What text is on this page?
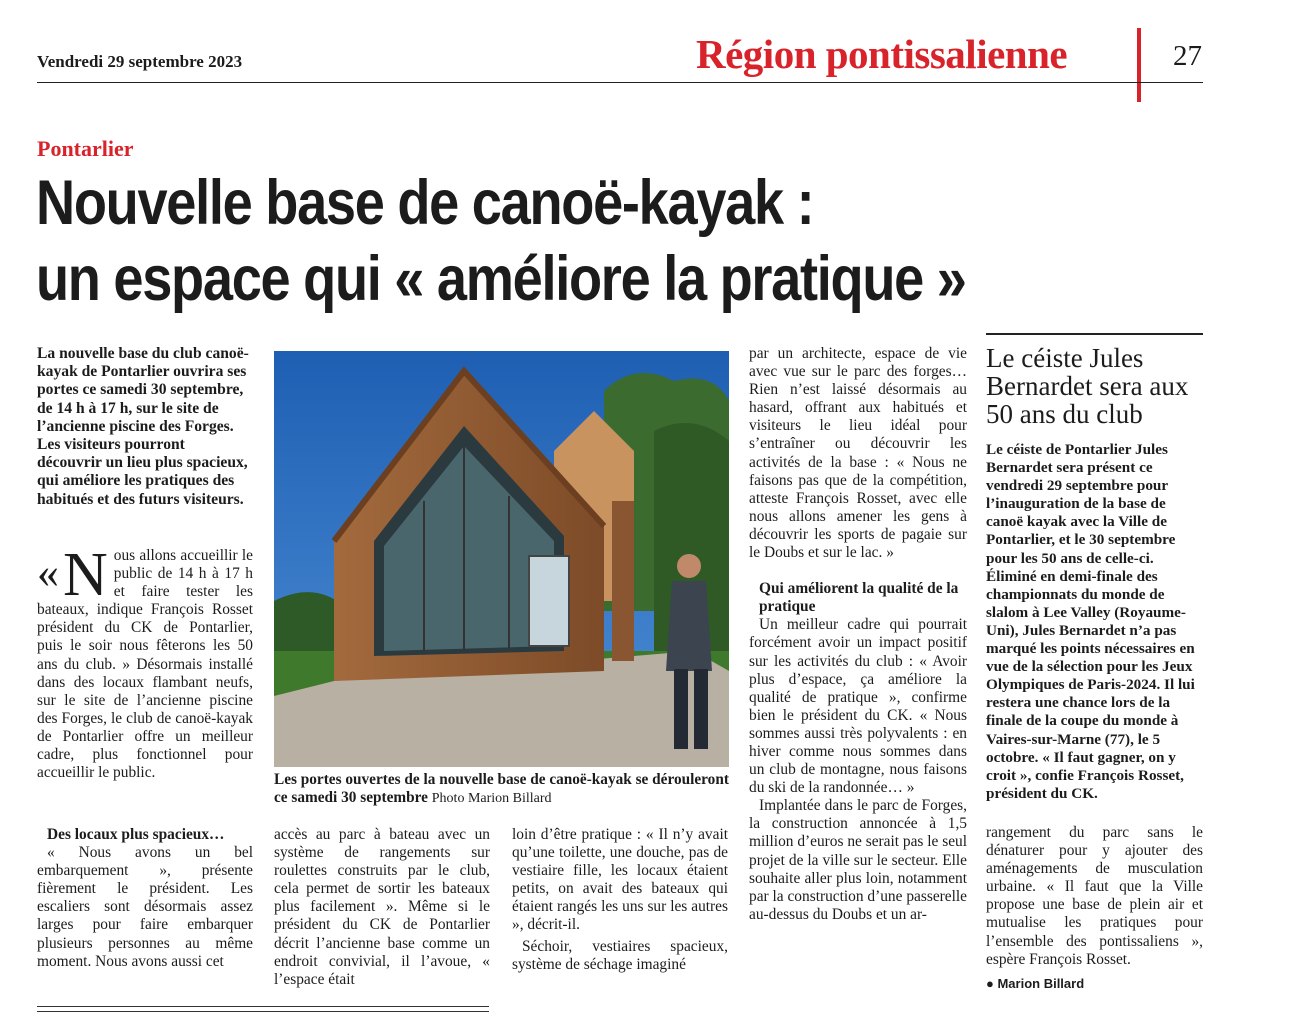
Vendredi 29 septembre 2023	Région pontissalienne	27
Pontarlier
Nouvelle base de canoë-kayak :
un espace qui « améliore la pratique »
La nouvelle base du club canoë-kayak de Pontarlier ouvrira ses portes ce samedi 30 septembre, de 14 h à 17 h, sur le site de l’ancienne piscine des Forges. Les visiteurs pourront découvrir un lieu plus spacieux, qui améliore les pratiques des habitués et des futurs visiteurs.
«N ous allons accueillir le public de 14 h à 17 h et faire tester les bateaux, indique François Rosset président du CK de Pontarlier, puis le soir nous fêterons les 50 ans du club. » Désormais installé dans des locaux flambant neufs, sur le site de l’ancienne piscine des Forges, le club de canoë-kayak de Pontarlier offre un meilleur cadre, plus fonctionnel pour accueillir le public.

Des locaux plus spacieux…

« Nous avons un bel embarquement », présente fièrement le président. Les escaliers sont désormais assez larges pour faire embarquer plusieurs personnes au même moment. Nous avons aussi cet

Les portes ouvertes de la nouvelle base de canoë-kayak se dérouleront ce samedi 30 septembre Photo Marion Billard
accès au parc à bateau avec un système de rangements sur roulettes construits par le club, cela permet de sortir les bateaux plus facilement ». Même si le président du CK de Pontarlier décrit l’ancienne base comme un endroit convivial, il l’avoue, « l’espace était

loin d’être pratique : « Il n’y avait qu’une toilette, une douche, pas de vestiaire fille, les locaux étaient petits, on avait des bateaux qui étaient rangés les uns sur les autres », décrit-il.

Séchoir, vestiaires spacieux, système de séchage imaginé

par un architecte, espace de vie avec vue sur le parc des forges… Rien n’est laissé désormais au hasard, offrant aux habitués et visiteurs le lieu idéal pour s’entraîner ou découvrir les activités de la base : « Nous ne faisons pas que de la compétition, atteste François Rosset, avec elle nous allons amener les gens à découvrir les sports de pagaie sur le Doubs et sur le lac. »

Qui améliorent la qualité de la pratique

Un meilleur cadre qui pourrait forcément avoir un impact positif sur les activités du club : « Avoir plus d’espace, ça améliore la qualité de pratique », confirme bien le président du CK. « Nous sommes aussi très polyvalents : en hiver comme nous sommes dans un club de montagne, nous faisons du ski de la randonnée… »

Implantée dans le parc de Forges, la construction annoncée à 1,5 million d’euros ne serait pas le seul projet de la ville sur le secteur. Elle souhaite aller plus loin, notamment par la construction d’une passerelle au-dessus du Doubs et un ar-

Le céiste Jules Bernardet sera aux 50 ans du club
Le céiste de Pontarlier Jules Bernardet sera présent ce vendredi 29 septembre pour l’inauguration de la base de canoë kayak avec la Ville de Pontarlier, et le 30 septembre pour les 50 ans de celle-ci. Éliminé en demi-finale des championnats du monde de slalom à Lee Valley (Royaume-Uni), Jules Bernardet n’a pas marqué les points nécessaires en vue de la sélection pour les Jeux Olympiques de Paris-2024. Il lui restera une chance lors de la finale de la coupe du monde à Vaires-sur-Marne (77), le 5 octobre. « Il faut gagner, on y croit », confie François Rosset, président du CK.
rangement du parc sans le dénaturer pour y ajouter des aménagements de musculation urbaine. « Il faut que la Ville propose une base de plein air et mutualise les pratiques pour l’ensemble des pontissaliens », espère François Rosset.
● Marion Billard
